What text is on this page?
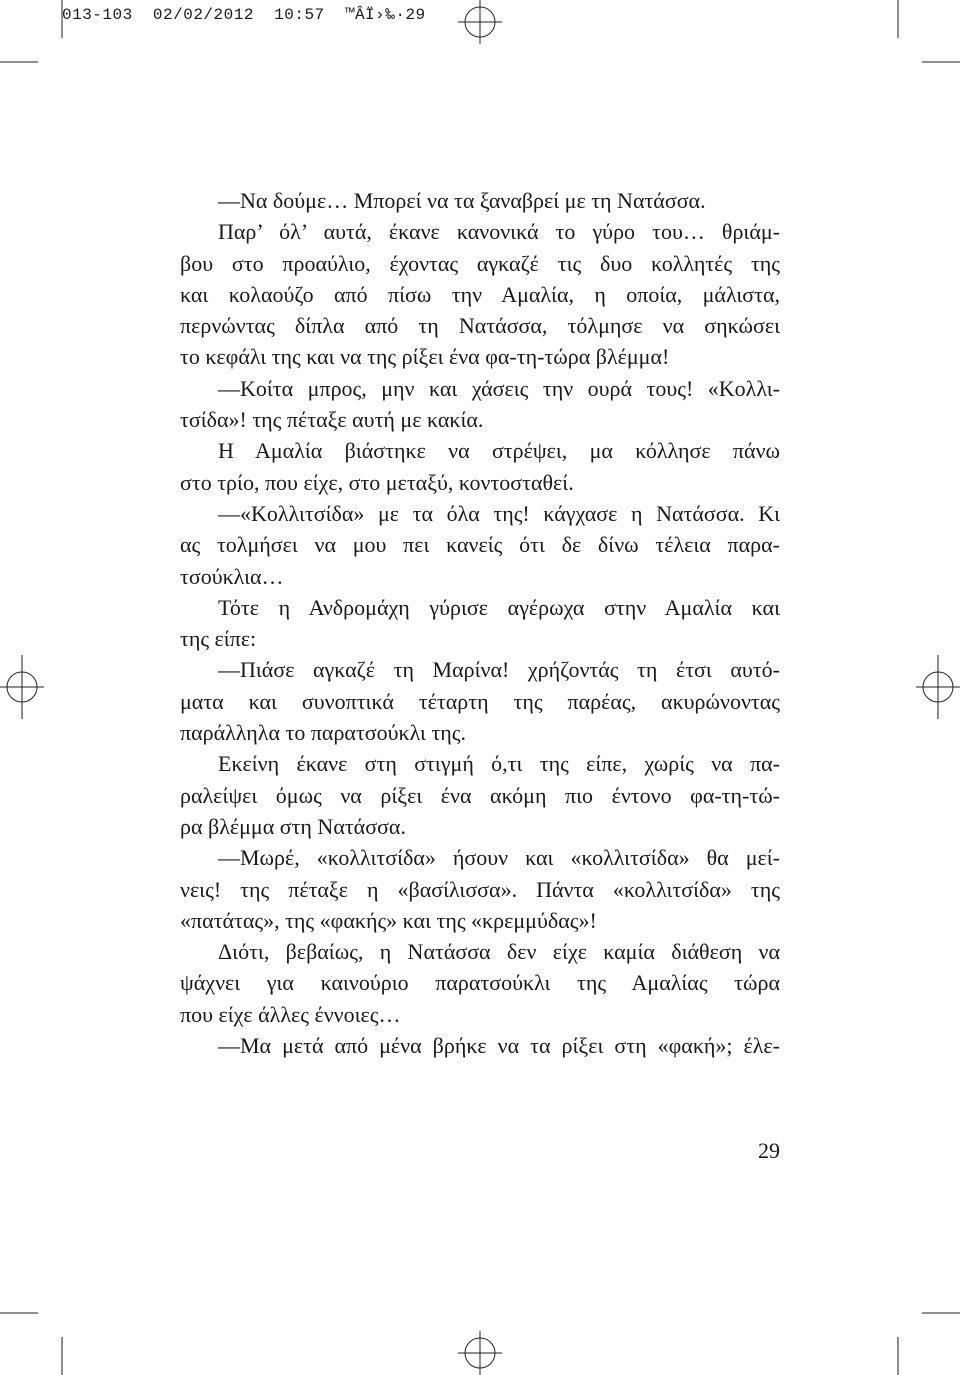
013-103  02/02/2012  10:57  ™ÂÏ›‰·29
—Να δούμε… Μπορεί να τα ξαναβρεί με τη Νατάσσα.
Παρ’ όλ’ αυτά, έκανε κανονικά το γύρο του… θριάμ-
βου στο προαύλιο, έχοντας αγκαζέ τις δυο κολλητές της
και κολαούζο από πίσω την Αμαλία, η οποία, μάλιστα,
περνώντας δίπλα από τη Νατάσσα, τόλμησε να σηκώσει
το κεφάλι της και να της ρίξει ένα φα-τη-τώρα βλέμμα!
—Κοίτα μπρος, μην και χάσεις την ουρά τους! «Κολλι-
τσίδα»! της πέταξε αυτή με κακία.
Η Αμαλία βιάστηκε να στρέψει, μα κόλλησε πάνω
στο τρίο, που είχε, στο μεταξύ, κοντοσταθεί.
—«Κολλιτσίδα» με τα όλα της! κάγχασε η Νατάσσα. Κι
ας τολμήσει να μου πει κανείς ότι δε δίνω τέλεια παρα-
τσούκλια…
Τότε η Ανδρομάχη γύρισε αγέρωχα στην Αμαλία και
της είπε:
—Πιάσε αγκαζέ τη Μαρίνα! χρήζοντάς τη έτσι αυτό-
ματα και συνοπτικά τέταρτη της παρέας, ακυρώνοντας
παράλληλα το παρατσούκλι της.
Εκείνη έκανε στη στιγμή ό,τι της είπε, χωρίς να πα-
ραλείψει όμως να ρίξει ένα ακόμη πιο έντονο φα-τη-τώ-
ρα βλέμμα στη Νατάσσα.
—Μωρέ, «κολλιτσίδα» ήσουν και «κολλιτσίδα» θα μεί-
νεις! της πέταξε η «βασίλισσα». Πάντα «κολλιτσίδα» της
«πατάτας», της «φακής» και της «κρεμμύδας»!
Διότι, βεβαίως, η Νατάσσα δεν είχε καμία διάθεση να
ψάχνει για καινούριο παρατσούκλι της Αμαλίας τώρα
που είχε άλλες έννοιες…
—Μα μετά από μένα βρήκε να τα ρίξει στη «φακή»; έλε-
29
